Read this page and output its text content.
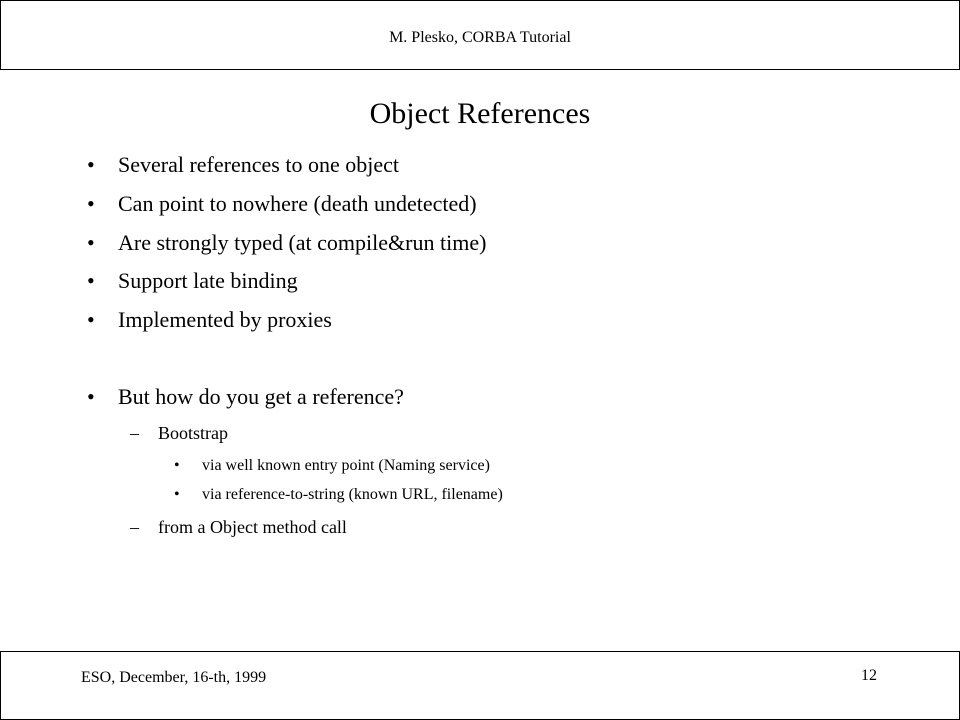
M. Plesko, CORBA Tutorial
Object References
• Several references to one object
• Can point to nowhere (death undetected)
• Are strongly typed (at compile&run time)
• Support late binding
• Implemented by proxies
• But how do you get a reference?
– Bootstrap
• via well known entry point (Naming service)
• via reference-to-string (known URL, filename)
– from a Object method call
ESO, December, 16-th, 1999	12
